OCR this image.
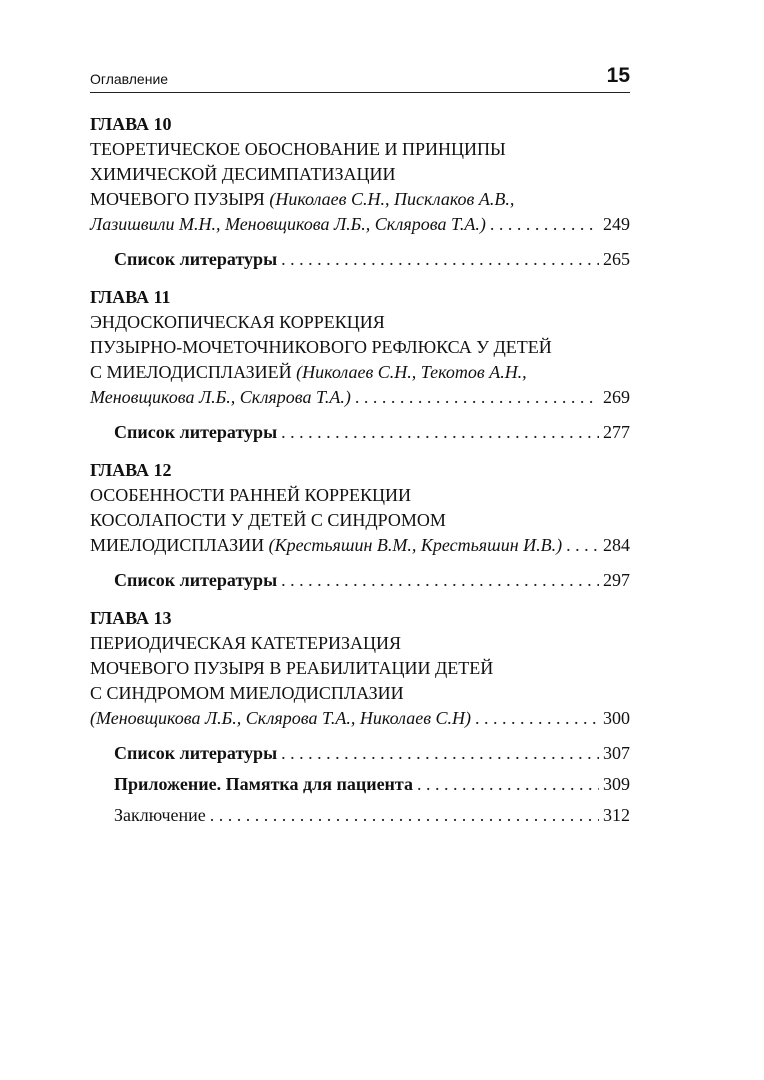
Оглавление	15
ГЛАВА 10
ТЕОРЕТИЧЕСКОЕ ОБОСНОВАНИЕ И ПРИНЦИПЫ
ХИМИЧЕСКОЙ ДЕСИМПАТИЗАЦИИ
МОЧЕВОГО ПУЗЫРЯ (Николаев С.Н., Писклаков А.В.,
Лазишвили М.Н., Меновщикова Л.Б., Склярова Т.А.) . . .	249
Список литературы . . .	265
ГЛАВА 11
ЭНДОСКОПИЧЕСКАЯ КОРРЕКЦИЯ
ПУЗЫРНО-МОЧЕТОЧНИКОВОГО РЕФЛЮКСА У ДЕТЕЙ
С МИЕЛОДИСПЛАЗИЕЙ (Николаев С.Н., Текотов А.Н.,
Меновщикова Л.Б., Склярова Т.А.) . . .	269
Список литературы . . .	277
ГЛАВА 12
ОСОБЕННОСТИ РАННЕЙ КОРРЕКЦИИ
КОСОЛАПОСТИ У ДЕТЕЙ С СИНДРОМОМ
МИЕЛОДИСПЛАЗИИ (Крестьяшин В.М., Крестьяшин И.В.) . . . 284
Список литературы . . .	297
ГЛАВА 13
ПЕРИОДИЧЕСКАЯ КАТЕТЕРИЗАЦИЯ
МОЧЕВОГО ПУЗЫРЯ В РЕАБИЛИТАЦИИ ДЕТЕЙ
С СИНДРОМОМ МИЕЛОДИСПЛАЗИИ
(Меновщикова Л.Б., Склярова Т.А., Николаев С.Н) . . .	300
Список литературы . . .	307
Приложение. Памятка для пациента . . .	309
Заключение . . .	312
